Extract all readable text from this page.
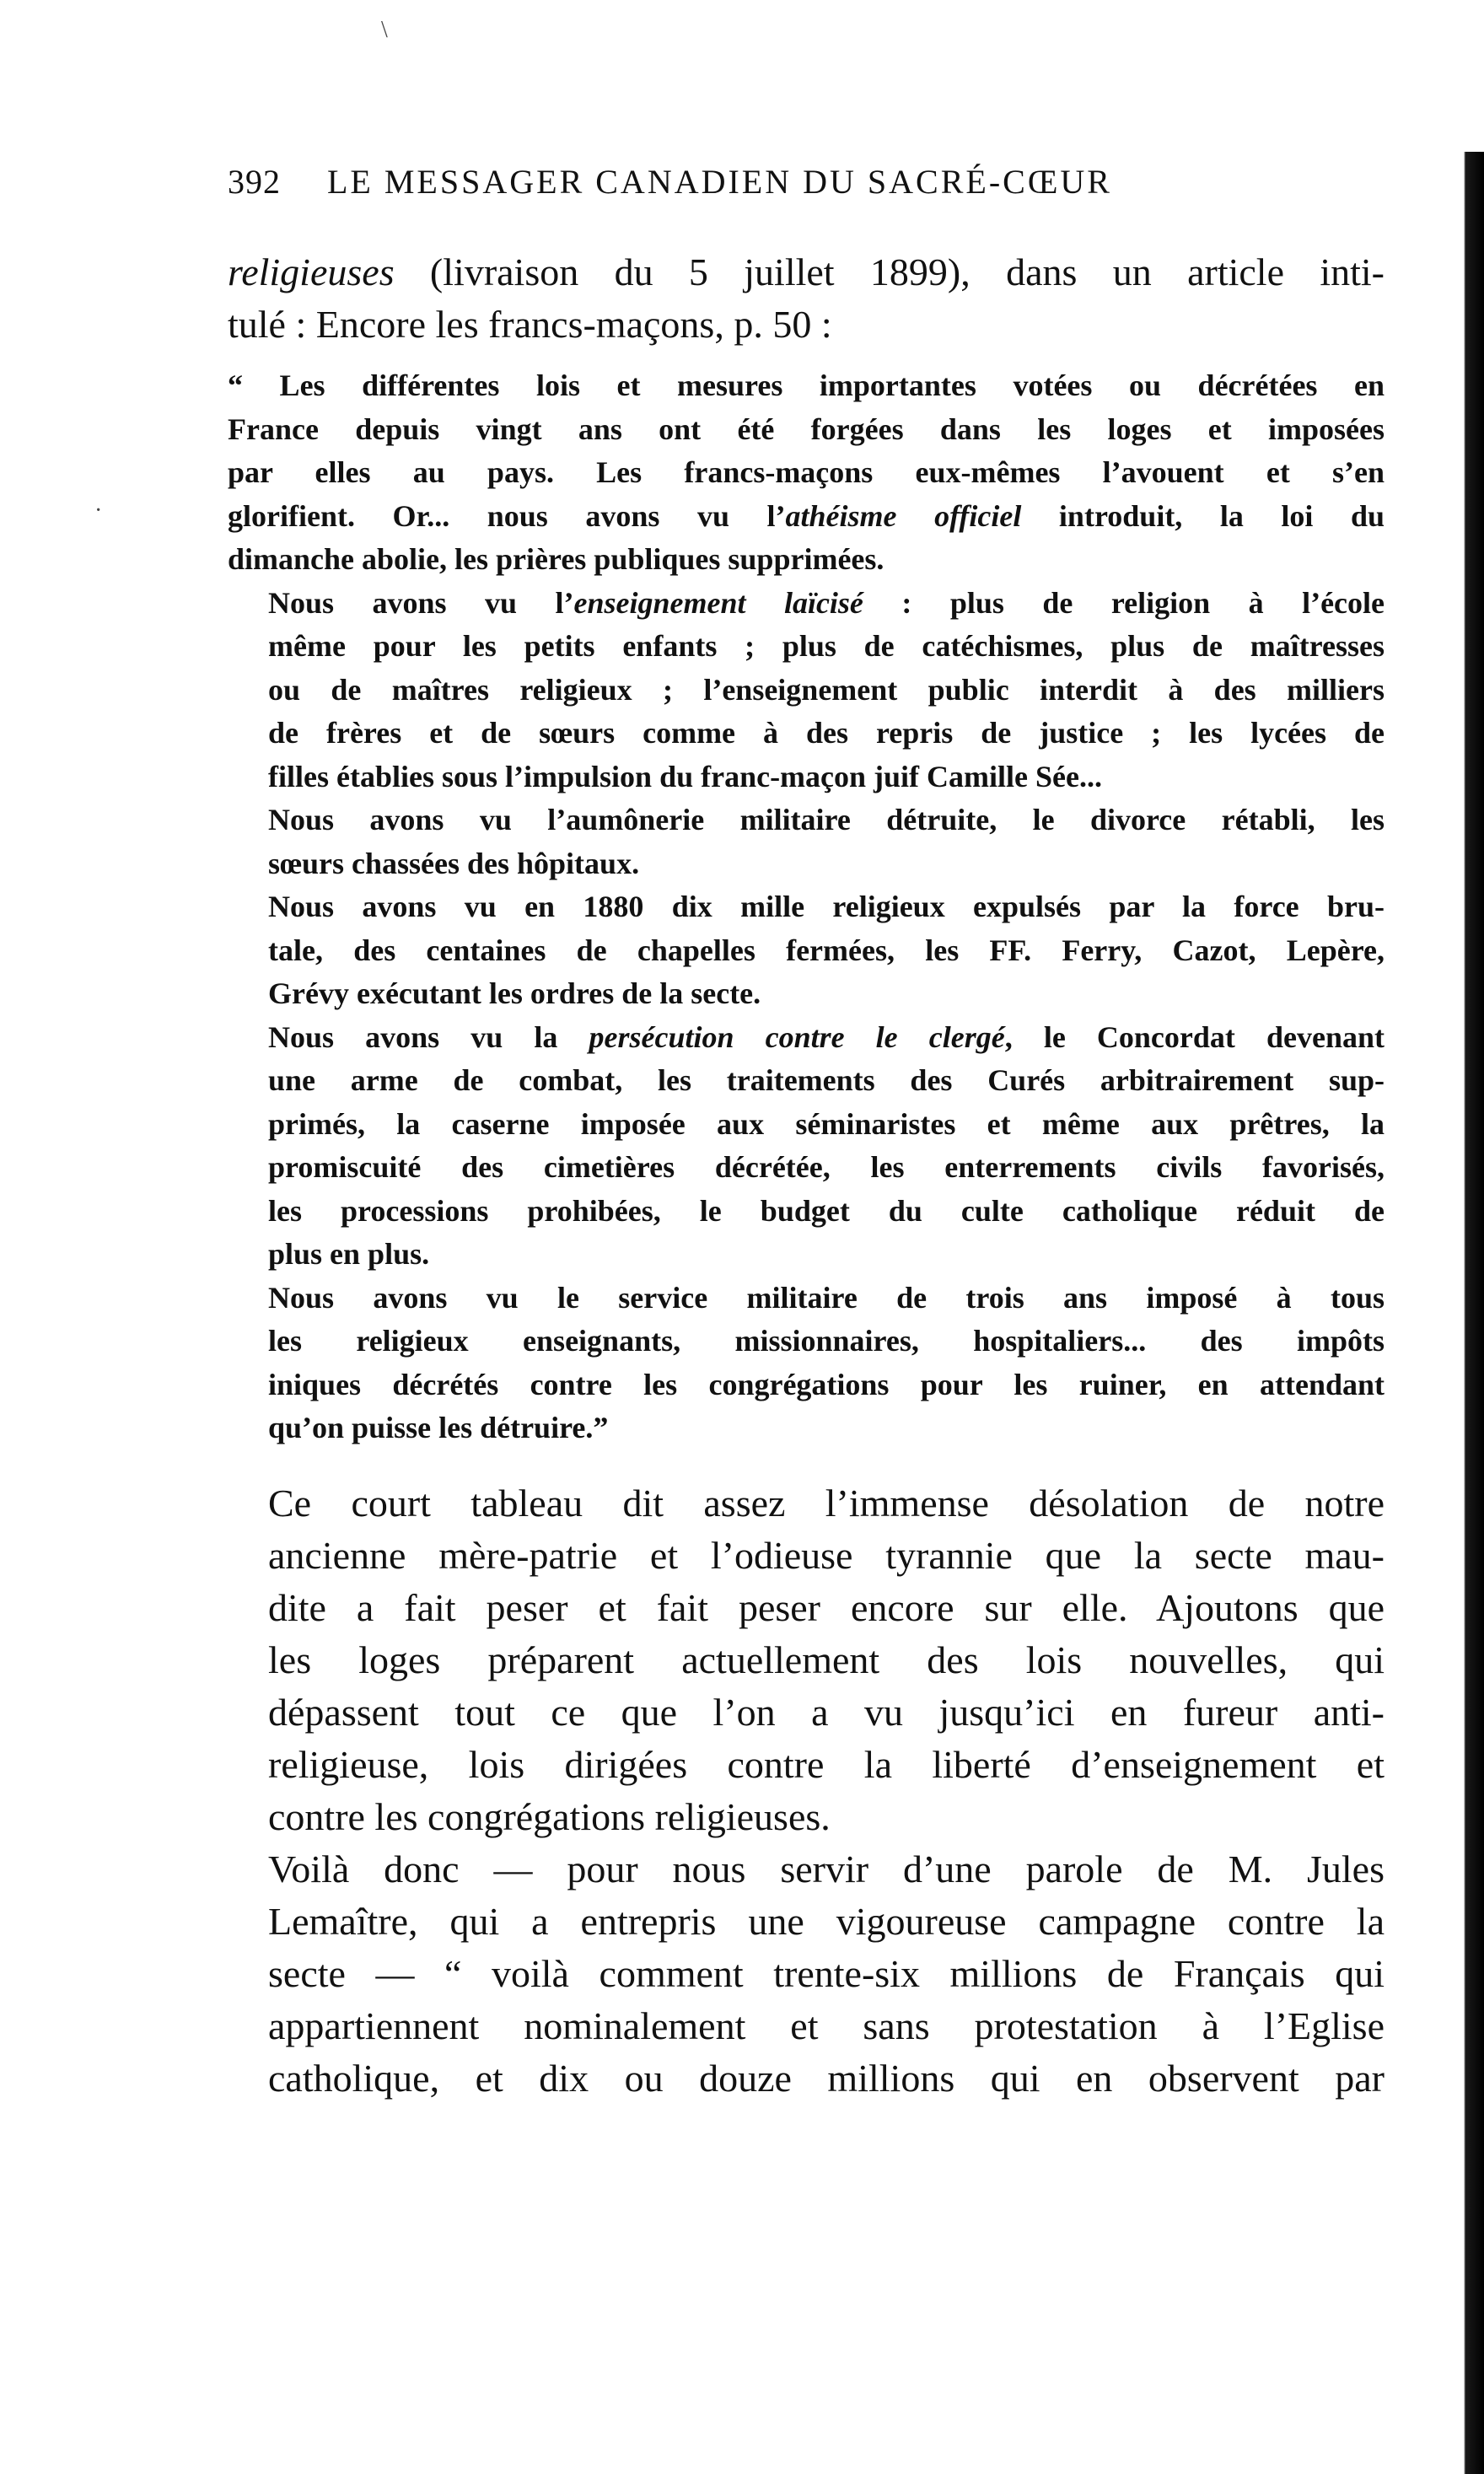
\
·
392 LE MESSAGER CANADIEN DU SACRÉ-CŒUR

religieuses (livraison du 5 juillet 1899), dans un article inti-
tulé : Encore les francs-maçons, p. 50 :

“ Les différentes lois et mesures importantes votées ou décrétées en
France depuis vingt ans ont été forgées dans les loges et imposées
par elles au pays. Les francs-maçons eux-mêmes l’avouent et s’en
glorifient. Or... nous avons vu l’athéisme officiel introduit, la loi du
dimanche abolie, les prières publiques supprimées.

Nous avons vu l’enseignement laïcisé : plus de religion à l’école
même pour les petits enfants ; plus de catéchismes, plus de maîtresses
ou de maîtres religieux ; l’enseignement public interdit à des milliers
de frères et de sœurs comme à des repris de justice ; les lycées de
filles établies sous l’impulsion du franc-maçon juif Camille Sée...

Nous avons vu l’aumônerie militaire détruite, le divorce rétabli, les
sœurs chassées des hôpitaux.

Nous avons vu en 1880 dix mille religieux expulsés par la force bru-
tale, des centaines de chapelles fermées, les FF. Ferry, Cazot, Lepère,
Grévy exécutant les ordres de la secte.

Nous avons vu la persécution contre le clergé, le Concordat devenant
une arme de combat, les traitements des Curés arbitrairement sup-
primés, la caserne imposée aux séminaristes et même aux prêtres, la
promiscuité des cimetières décrétée, les enterrements civils favorisés,
les processions prohibées, le budget du culte catholique réduit de
plus en plus.

Nous avons vu le service militaire de trois ans imposé à tous
les religieux enseignants, missionnaires, hospitaliers... des impôts
iniques décrétés contre les congrégations pour les ruiner, en attendant
qu’on puisse les détruire.”

Ce court tableau dit assez l’immense désolation de notre
ancienne mère-patrie et l’odieuse tyrannie que la secte mau-
dite a fait peser et fait peser encore sur elle. Ajoutons que
les loges préparent actuellement des lois nouvelles, qui
dépassent tout ce que l’on a vu jusqu’ici en fureur anti-
religieuse, lois dirigées contre la liberté d’enseignement et
contre les congrégations religieuses.

Voilà donc — pour nous servir d’une parole de M. Jules
Lemaître, qui a entrepris une vigoureuse campagne contre la
secte — “ voilà comment trente-six millions de Français qui
appartiennent nominalement et sans protestation à l’Eglise
catholique, et dix ou douze millions qui en observent par
